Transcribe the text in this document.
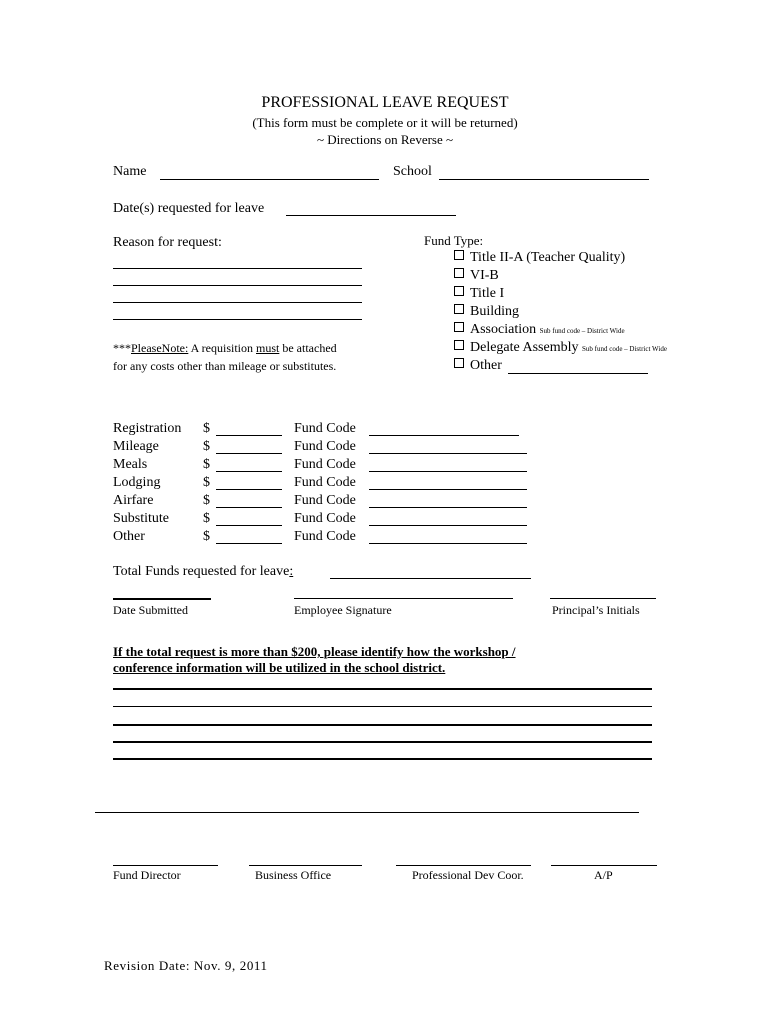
PROFESSIONAL LEAVE REQUEST
(This form must be complete or it will be returned)
~ Directions on Reverse ~
Name	School
Date(s) requested for leave
Reason for request:
***PleaseNote: A requisition must be attached
for any costs other than mileage or substitutes.
Fund Type:
Title II-A (Teacher Quality)
VI-B
Title I
Building
Association Sub fund code – District Wide
Delegate Assembly Sub fund code – District Wide
Other
Registration $	Fund Code
Mileage	$	Fund Code
Meals	$	Fund Code
Lodging	$	Fund Code
Airfare	$	Fund Code
Substitute $	Fund Code
Other	$	Fund Code
Total Funds requested for leave:
Date Submitted	Employee Signature	Principal’s Initials
If the total request is more than $200, please identify how the workshop /
conference information will be utilized in the school district.
Fund Director	Business Office	Professional Dev Coor.	A/P
Revision Date: Nov. 9, 2011
